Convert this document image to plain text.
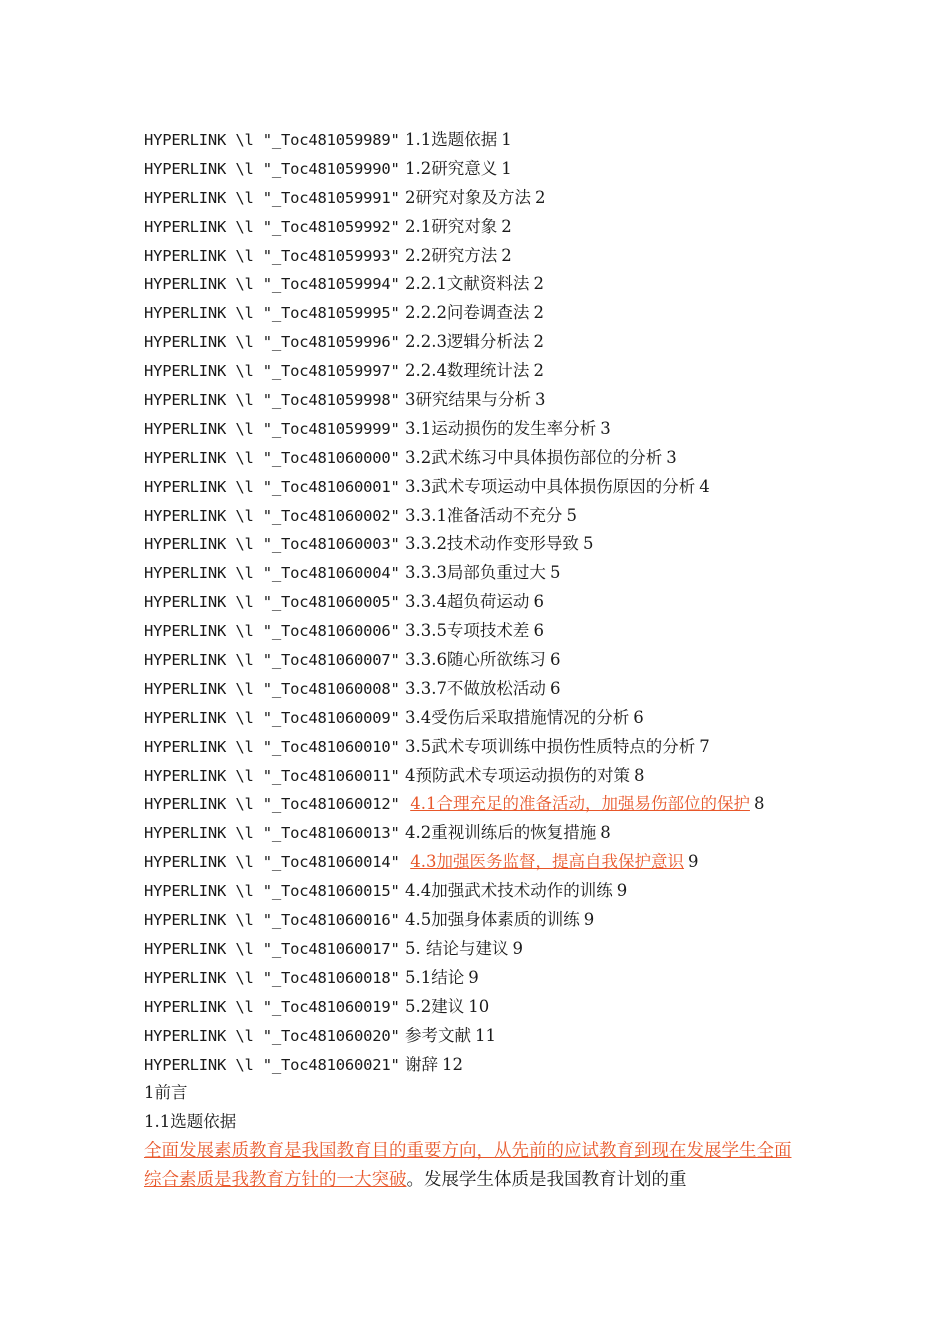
HYPERLINK \l "_Toc481059989" 1.1选题依据 1
HYPERLINK \l "_Toc481059990" 1.2研究意义 1
HYPERLINK \l "_Toc481059991" 2研究对象及方法 2
HYPERLINK \l "_Toc481059992" 2.1研究对象 2
HYPERLINK \l "_Toc481059993" 2.2研究方法 2
HYPERLINK \l "_Toc481059994" 2.2.1文献资料法 2
HYPERLINK \l "_Toc481059995" 2.2.2问卷调查法 2
HYPERLINK \l "_Toc481059996" 2.2.3逻辑分析法 2
HYPERLINK \l "_Toc481059997" 2.2.4数理统计法 2
HYPERLINK \l "_Toc481059998" 3研究结果与分析 3
HYPERLINK \l "_Toc481059999" 3.1运动损伤的发生率分析 3
HYPERLINK \l "_Toc481060000" 3.2武术练习中具体损伤部位的分析 3
HYPERLINK \l "_Toc481060001" 3.3武术专项运动中具体损伤原因的分析 4
HYPERLINK \l "_Toc481060002" 3.3.1准备活动不充分 5
HYPERLINK \l "_Toc481060003" 3.3.2技术动作变形导致 5
HYPERLINK \l "_Toc481060004" 3.3.3局部负重过大 5
HYPERLINK \l "_Toc481060005" 3.3.4超负荷运动 6
HYPERLINK \l "_Toc481060006" 3.3.5专项技术差 6
HYPERLINK \l "_Toc481060007" 3.3.6随心所欲练习 6
HYPERLINK \l "_Toc481060008" 3.3.7不做放松活动 6
HYPERLINK \l "_Toc481060009" 3.4受伤后采取措施情况的分析 6
HYPERLINK \l "_Toc481060010" 3.5武术专项训练中损伤性质特点的分析 7
HYPERLINK \l "_Toc481060011" 4预防武术专项运动损伤的对策 8
HYPERLINK \l "_Toc481060012" 4.1合理充足的准备活动，加强易伤部位的保护 8
HYPERLINK \l "_Toc481060013" 4.2重视训练后的恢复措施 8
HYPERLINK \l "_Toc481060014" 4.3加强医务监督，提高自我保护意识 9
HYPERLINK \l "_Toc481060015" 4.4加强武术技术动作的训练 9
HYPERLINK \l "_Toc481060016" 4.5加强身体素质的训练 9
HYPERLINK \l "_Toc481060017" 5. 结论与建议 9
HYPERLINK \l "_Toc481060018" 5.1结论 9
HYPERLINK \l "_Toc481060019" 5.2建议 10
HYPERLINK \l "_Toc481060020" 参考文献 11
HYPERLINK \l "_Toc481060021" 谢辞 12
1前言
1.1选题依据
全面发展素质教育是我国教育目的重要方向，从先前的应试教育到现在发展学生全面综合素质是我教育方针的一大突破。发展学生体质是我国教育计划的重
